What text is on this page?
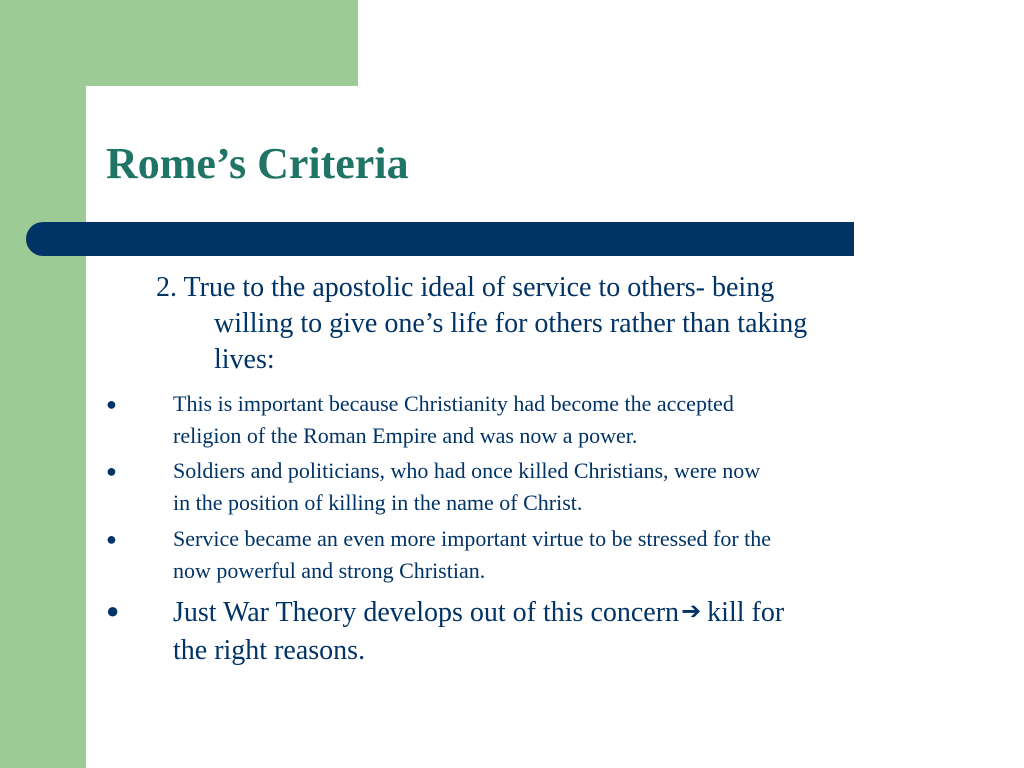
Rome’s Criteria

2. True to the apostolic ideal of service to others- being
willing to give one’s life for others rather than taking
lives:

●	This is important because Christianity had become the accepted
religion of the Roman Empire and was now a power.
●	Soldiers and politicians, who had once killed Christians, were now
in the position of killing in the name of Christ.
●	Service became an even more important virtue to be stressed for the
now powerful and strong Christian.
●	Just War Theory develops out of this concern➔ kill for
the right reasons.
